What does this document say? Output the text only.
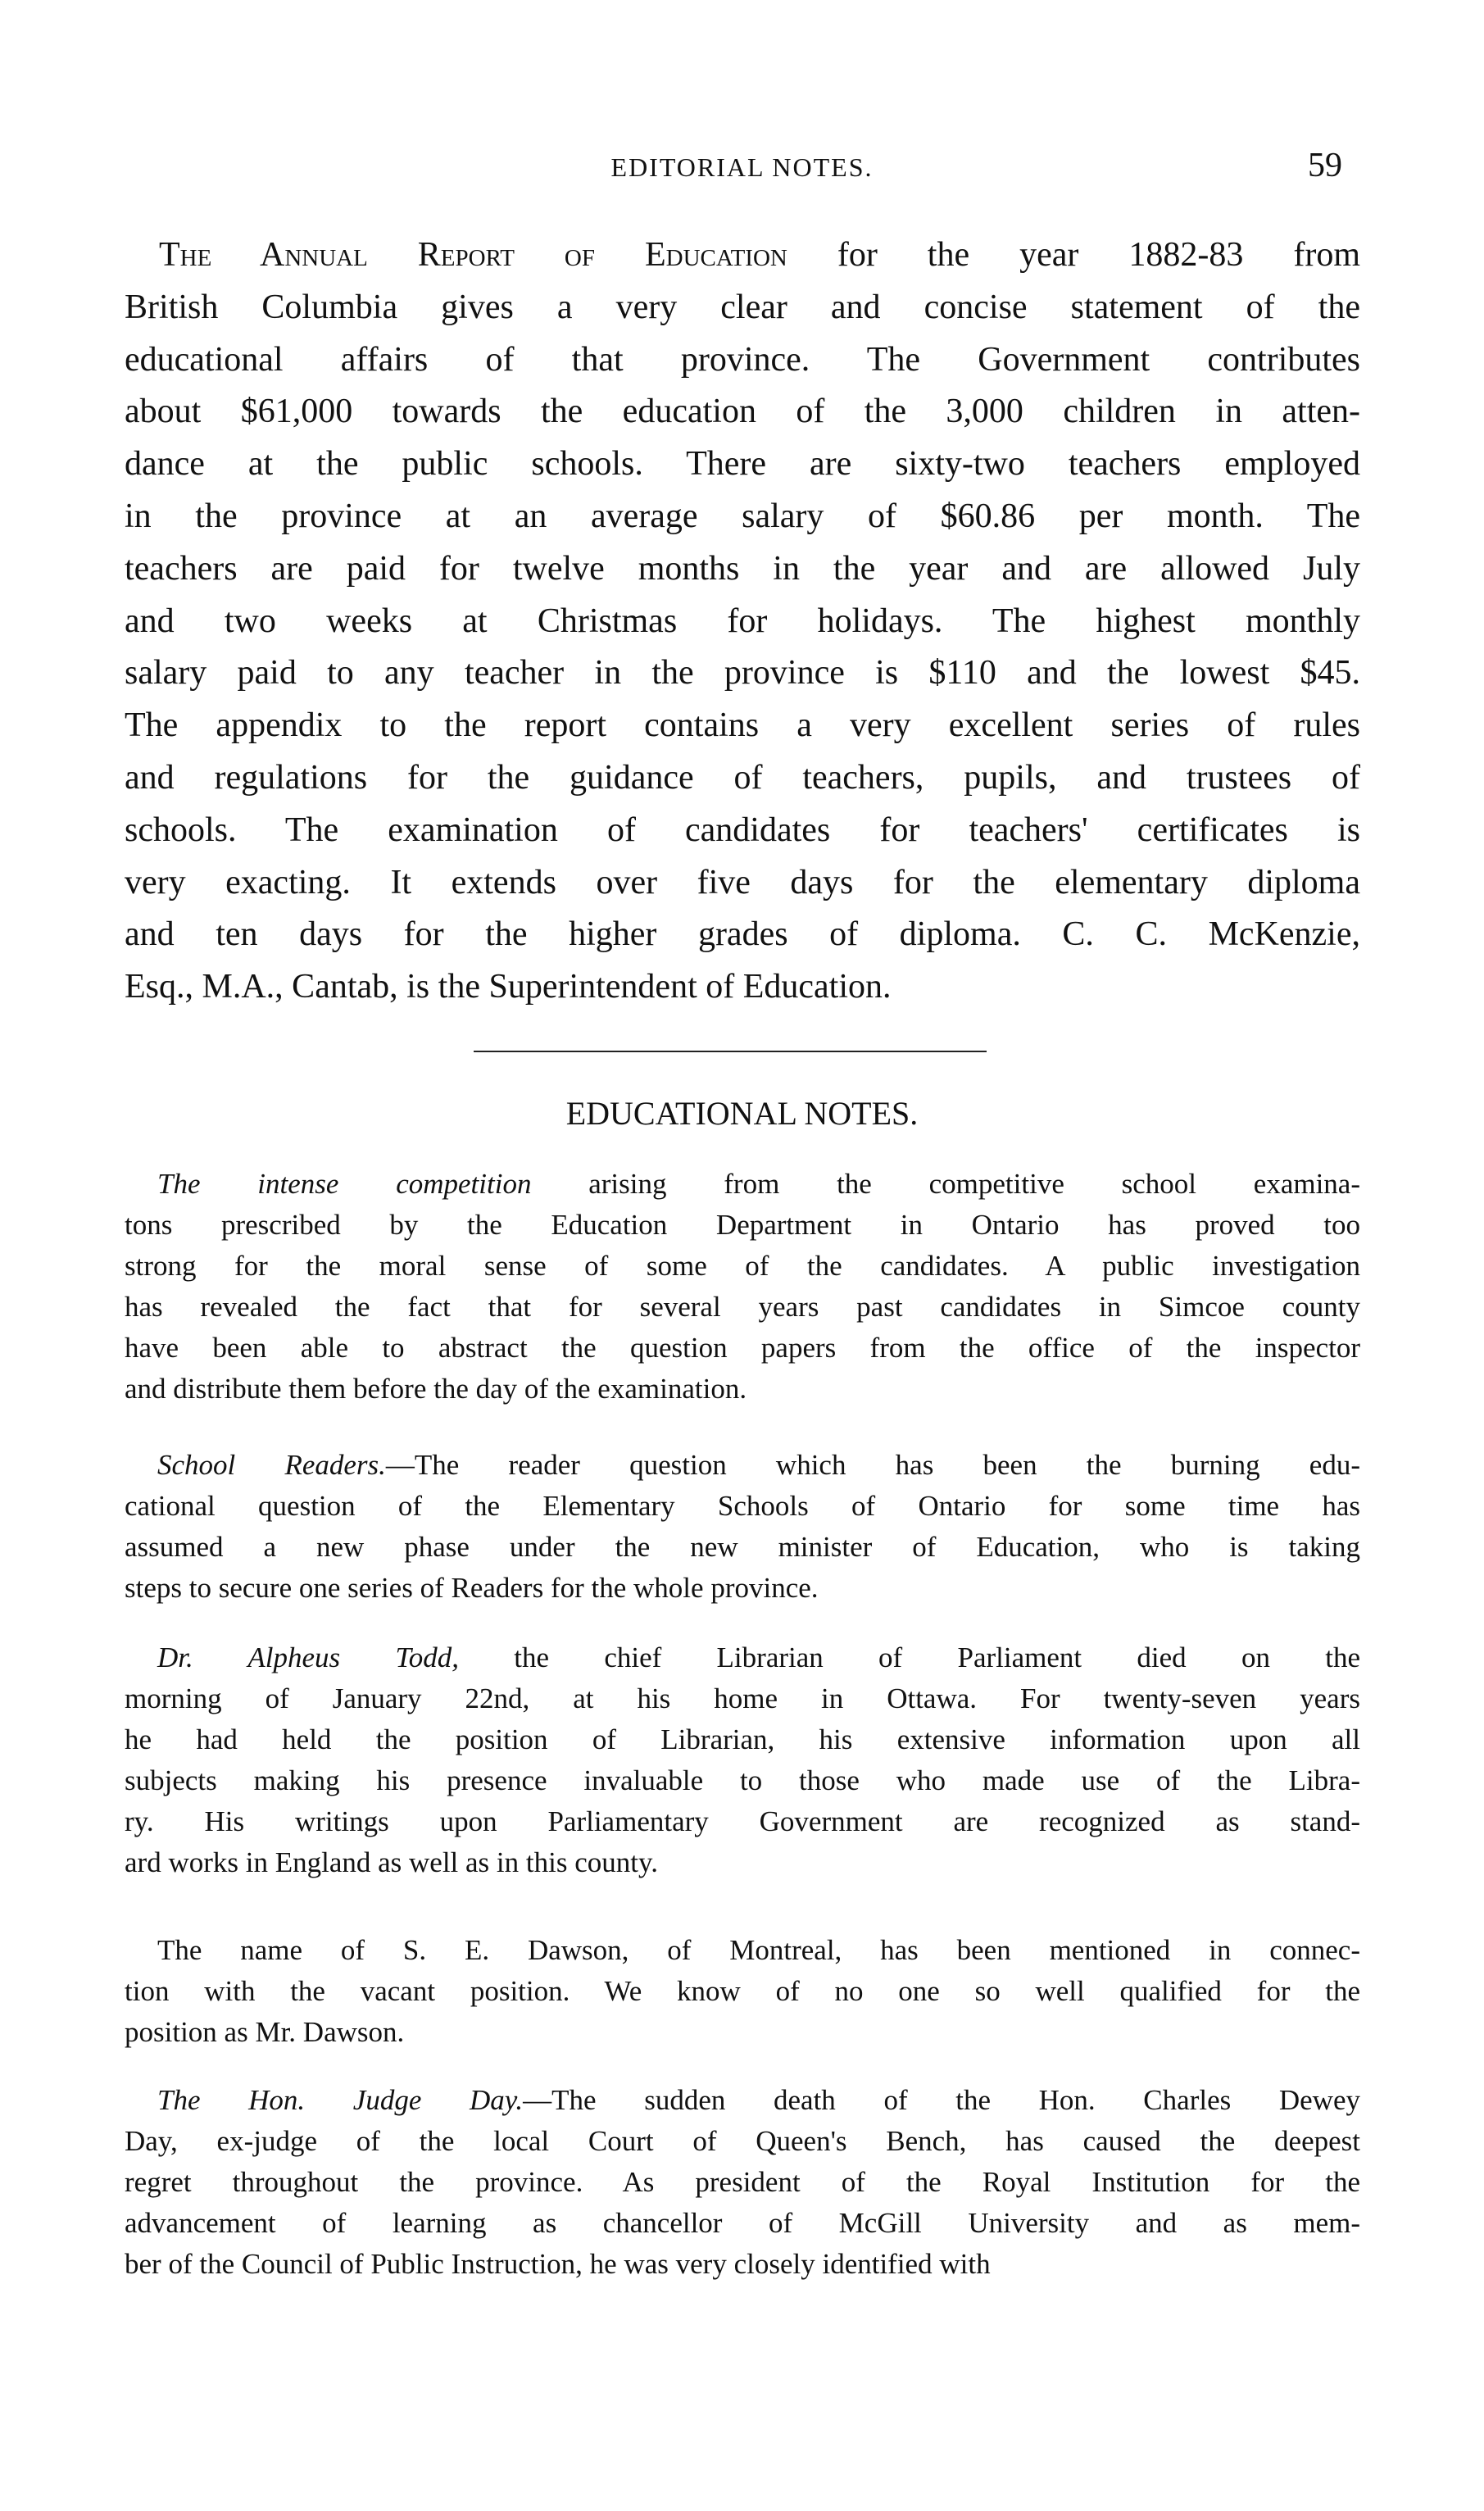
EDITORIAL NOTES.	59
The Annual Report of Education for the year 1882-83 from
British Columbia gives a very clear and concise statement of the
educational affairs of that province. The Government contributes
about $61,000 towards the education of the 3,000 children in atten-
dance at the public schools. There are sixty-two teachers employed
in the province at an average salary of $60.86 per month. The
teachers are paid for twelve months in the year and are allowed July
and two weeks at Christmas for holidays. The highest monthly
salary paid to any teacher in the province is $110 and the lowest $45.
The appendix to the report contains a very excellent series of rules
and regulations for the guidance of teachers, pupils, and trustees of
schools. The examination of candidates for teachers' certificates is
very exacting. It extends over five days for the elementary diploma
and ten days for the higher grades of diploma. C. C. McKenzie,
Esq., M.A., Cantab, is the Superintendent of Education.
EDUCATIONAL NOTES.
The intense competition arising from the competitive school examina-
tons prescribed by the Education Department in Ontario has proved too
strong for the moral sense of some of the candidates. A public investigation
has revealed the fact that for several years past candidates in Simcoe county
have been able to abstract the question papers from the office of the inspector
and distribute them before the day of the examination.
School Readers.—The reader question which has been the burning edu-
cational question of the Elementary Schools of Ontario for some time has
assumed a new phase under the new minister of Education, who is taking
steps to secure one series of Readers for the whole province.
Dr. Alpheus Todd, the chief Librarian of Parliament died on the
morning of January 22nd, at his home in Ottawa. For twenty-seven years
he had held the position of Librarian, his extensive information upon all
subjects making his presence invaluable to those who made use of the Libra-
ry. His writings upon Parliamentary Government are recognized as stand-
ard works in England as well as in this county.
The name of S. E. Dawson, of Montreal, has been mentioned in connec-
tion with the vacant position. We know of no one so well qualified for the
position as Mr. Dawson.
The Hon. Judge Day.—The sudden death of the Hon. Charles Dewey
Day, ex-judge of the local Court of Queen's Bench, has caused the deepest
regret throughout the province. As president of the Royal Institution for the
advancement of learning as chancellor of McGill University and as mem-
ber of the Council of Public Instruction, he was very closely identified with
